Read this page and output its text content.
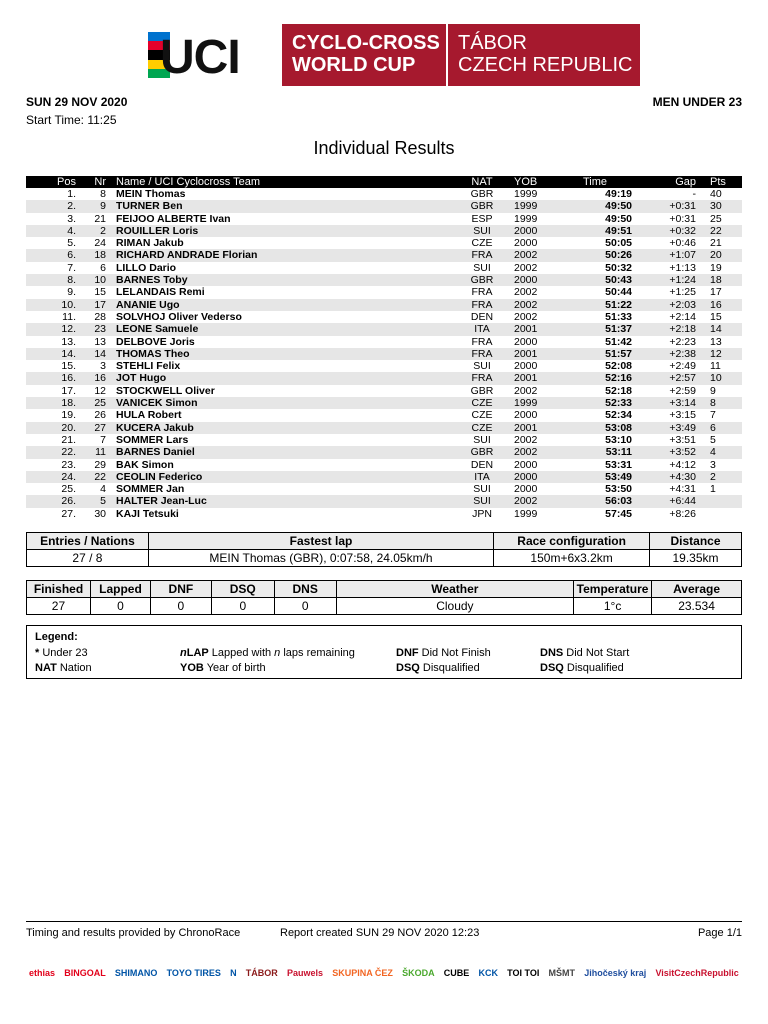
UCI	CYCLO-CROSS
WORLD CUP
TÁBOR
CZECH REPUBLIC
SUN 29 NOV 2020	MEN UNDER 23
Start Time: 11:25
Individual Results
Pos	Nr	Name / UCI Cyclocross Team	NAT	YOB	Time	Gap	Pts
1.	8	MEIN Thomas	GBR	1999	49:19	-	40
2.	9	TURNER Ben	GBR	1999	49:50	+0:31	30
3.	21	FEIJOO ALBERTE Ivan	ESP	1999	49:50	+0:31	25
4.	2	ROUILLER Loris	SUI	2000	49:51	+0:32	22
5.	24	RIMAN Jakub	CZE	2000	50:05	+0:46	21
6.	18	RICHARD ANDRADE Florian	FRA	2002	50:26	+1:07	20
7.	6	LILLO Dario	SUI	2002	50:32	+1:13	19
8.	10	BARNES Toby	GBR	2000	50:43	+1:24	18
9.	15	LELANDAIS Remi	FRA	2002	50:44	+1:25	17
10.	17	ANANIE Ugo	FRA	2002	51:22	+2:03	16
11.	28	SOLVHOJ Oliver Vederso	DEN	2002	51:33	+2:14	15
12.	23	LEONE Samuele	ITA	2001	51:37	+2:18	14
13.	13	DELBOVE Joris	FRA	2000	51:42	+2:23	13
14.	14	THOMAS Theo	FRA	2001	51:57	+2:38	12
15.	3	STEHLI Felix	SUI	2000	52:08	+2:49	11
16.	16	JOT Hugo	FRA	2001	52:16	+2:57	10
17.	12	STOCKWELL Oliver	GBR	2002	52:18	+2:59	9
18.	25	VANICEK Simon	CZE	1999	52:33	+3:14	8
19.	26	HULA Robert	CZE	2000	52:34	+3:15	7
20.	27	KUCERA Jakub	CZE	2001	53:08	+3:49	6
21.	7	SOMMER Lars	SUI	2002	53:10	+3:51	5
22.	11	BARNES Daniel	GBR	2002	53:11	+3:52	4
23.	29	BAK Simon	DEN	2000	53:31	+4:12	3
24.	22	CEOLIN Federico	ITA	2000	53:49	+4:30	2
25.	4	SOMMER Jan	SUI	2000	53:50	+4:31	1
26.	5	HALTER Jean-Luc	SUI	2002	56:03	+6:44	
27.	30	KAJI Tetsuki	JPN	1999	57:45	+8:26	
Entries / Nations	Fastest lap	Race configuration	Distance
27 / 8	MEIN Thomas (GBR), 0:07:58, 24.05km/h	150m+6x3.2km	19.35km
Finished	Lapped	DNF	DSQ	DNS	Weather	Temperature	Average
27	0	0	0	0	Cloudy	1°c	23.534
Legend:
* Under 23
NAT Nation
nLAP Lapped with n laps remaining
YOB Year of birth
DNF Did Not Finish
DSQ Disqualified
DNS Did Not Start
DSQ Disqualified
Timing and results provided by ChronoRace	Report created SUN 29 NOV 2020 12:23	Page 1/1
ethias	BINGOAL	SHIMANO	TOYO TIRES	N	TÁBOR	Pauwels	SKUPINA ČEZ	ŠKODA	CUBE	KCK	TOI TOI	MŠMT	Jihočeský kraj	VisitCzechRepublic
